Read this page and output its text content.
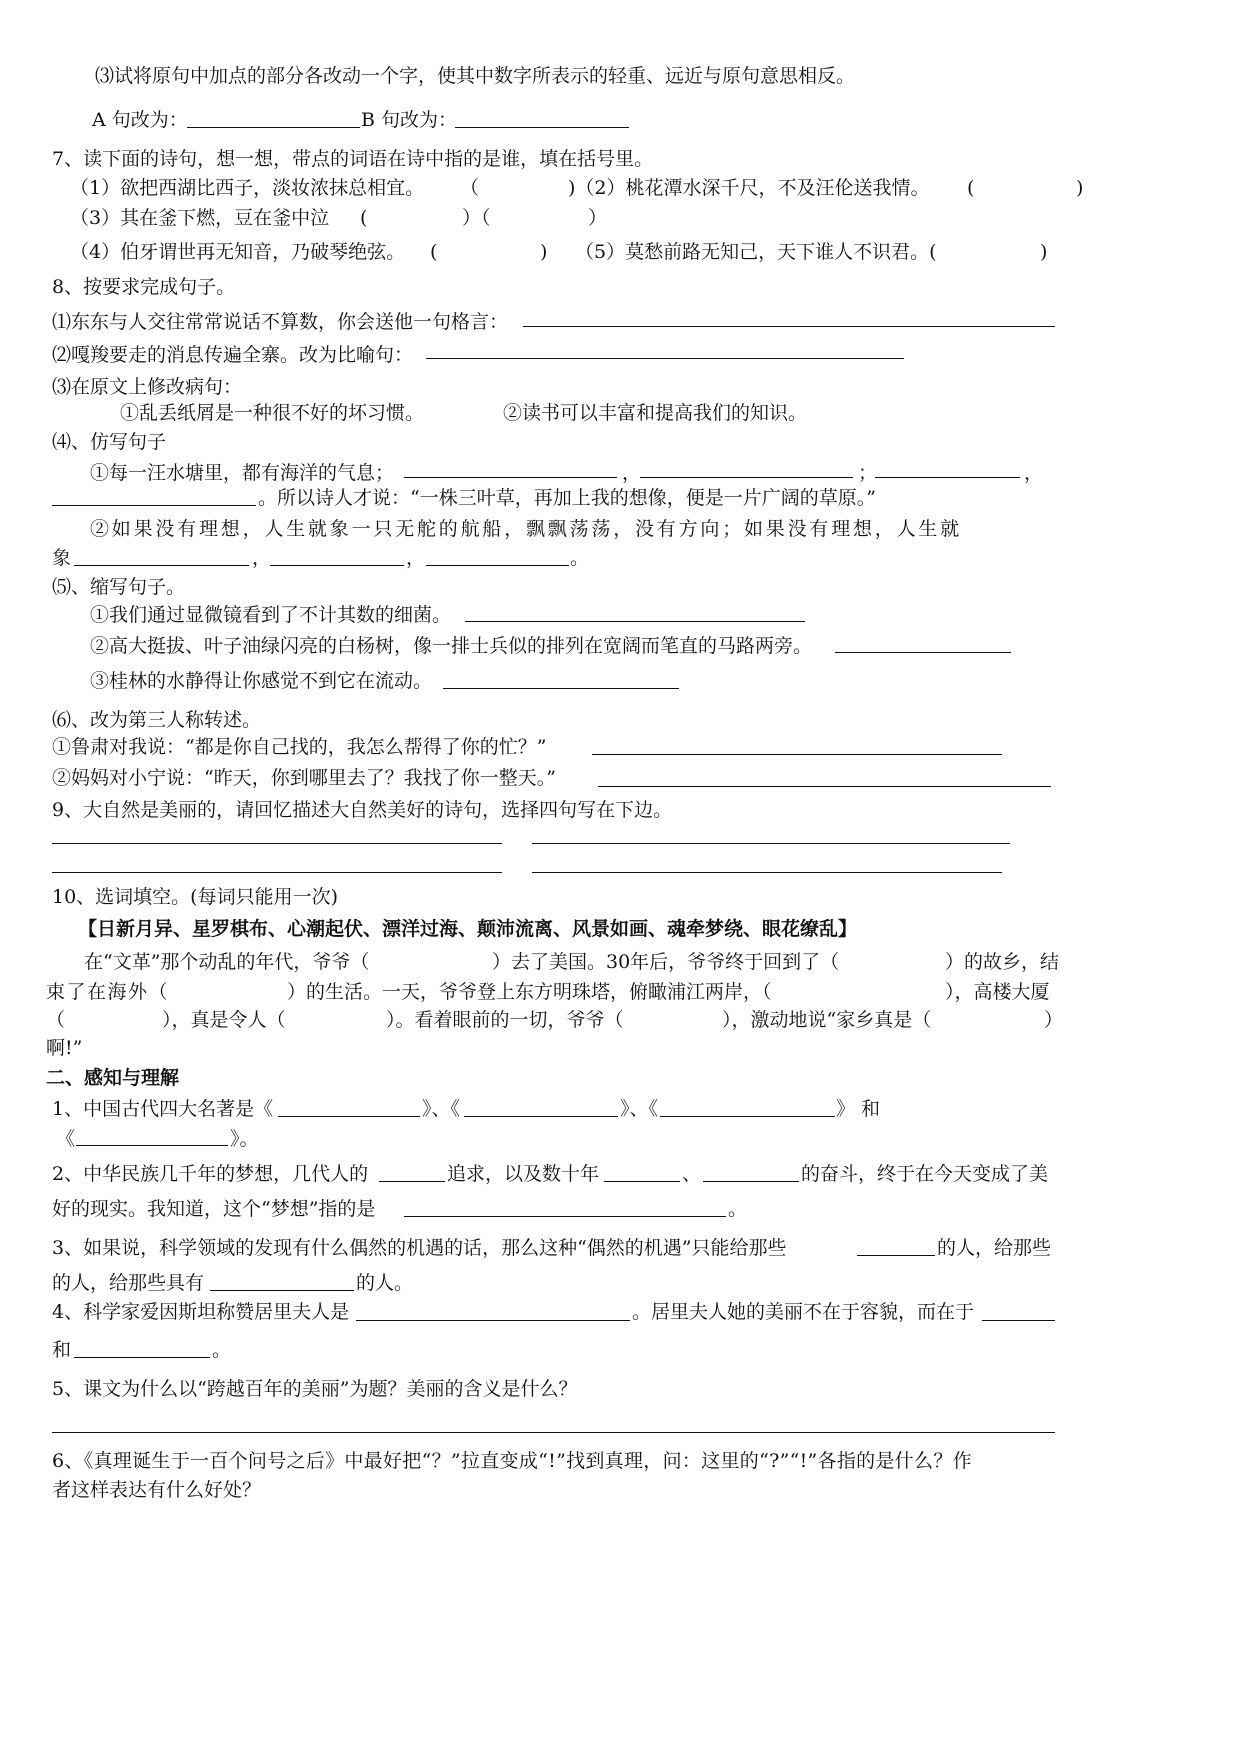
⑶试将原句中加点的部分各改动一个字，使其中数字所表示的轻重、远近与原句意思相反。
A 句改为：	B 句改为：
7、读下面的诗句，想一想，带点的词语在诗中指的是谁，填在括号里。
（1）欲把西湖比西子，淡妆浓抹总相宜。 （	)（2）桃花潭水深千尺，不及汪伦送我情。 (	)
（3）其在釜下燃，豆在釜中泣 (	）（	）
（4）伯牙谓世再无知音，乃破琴绝弦。 (	) （5）莫愁前路无知己，天下谁人不识君。(	)
8、按要求完成句子。
⑴东东与人交往常常说话不算数，你会送他一句格言：
⑵嘎羧要走的消息传遍全寨。改为比喻句：
⑶在原文上修改病句：
①乱丢纸屑是一种很不好的坏习惯。	②读书可以丰富和提高我们的知识。
⑷、仿写句子
①每一汪水塘里，都有海洋的气息；	，	；	，
。所以诗人才说：“一株三叶草，再加上我的想像，便是一片广阔的草原。”
②如果没有理想，人生就象一只无舵的航船，飘飘荡荡，没有方向；如果没有理想，人生就
象	，	，	。
⑸、缩写句子。
①我们通过显微镜看到了不计其数的细菌。
②高大挺拔、叶子油绿闪亮的白杨树，像一排士兵似的排列在宽阔而笔直的马路两旁。
③桂林的水静得让你感觉不到它在流动。
⑹、改为第三人称转述。
①鲁肃对我说：“都是你自己找的，我怎么帮得了你的忙？”
②妈妈对小宁说：“昨天，你到哪里去了？我找了你一整天。”
9、大自然是美丽的，请回忆描述大自然美好的诗句，选择四句写在下边。
10、选词填空。(每词只能用一次)
【日新月异、星罗棋布、心潮起伏、漂洋过海、颠沛流离、风景如画、魂牵梦绕、眼花缭乱】
在“文革”那个动乱的年代，爷爷（	）去了美国。30年后，爷爷终于回到了（	）的故乡，结
束了在海外（	）的生活。一天，爷爷登上东方明珠塔，俯瞰浦江两岸，（	），高楼大厦
（	），真是令人（	）。看着眼前的一切，爷爷（	），激动地说“家乡真是（	）
啊!”
二、感知与理解
1、中国古代四大名著是《	》、《	》、《	》 和
《	》。
2、中华民族几千年的梦想，几代人的	追求，以及数十年	、	的奋斗，终于在今天变成了美
好的现实。我知道，这个“梦想”指的是	。
3、如果说，科学领域的发现有什么偶然的机遇的话，那么这种“偶然的机遇”只能给那些	的人，给那些
的人，给那些具有	的人。
4、科学家爱因斯坦称赞居里夫人是	。居里夫人她的美丽不在于容貌，而在于
和	。
5、课文为什么以“跨越百年的美丽”为题？美丽的含义是什么？
6、《真理诞生于一百个问号之后》中最好把“？”拉直变成“!”找到真理，问：这里的“?”“!”各指的是什么？作
者这样表达有什么好处？
